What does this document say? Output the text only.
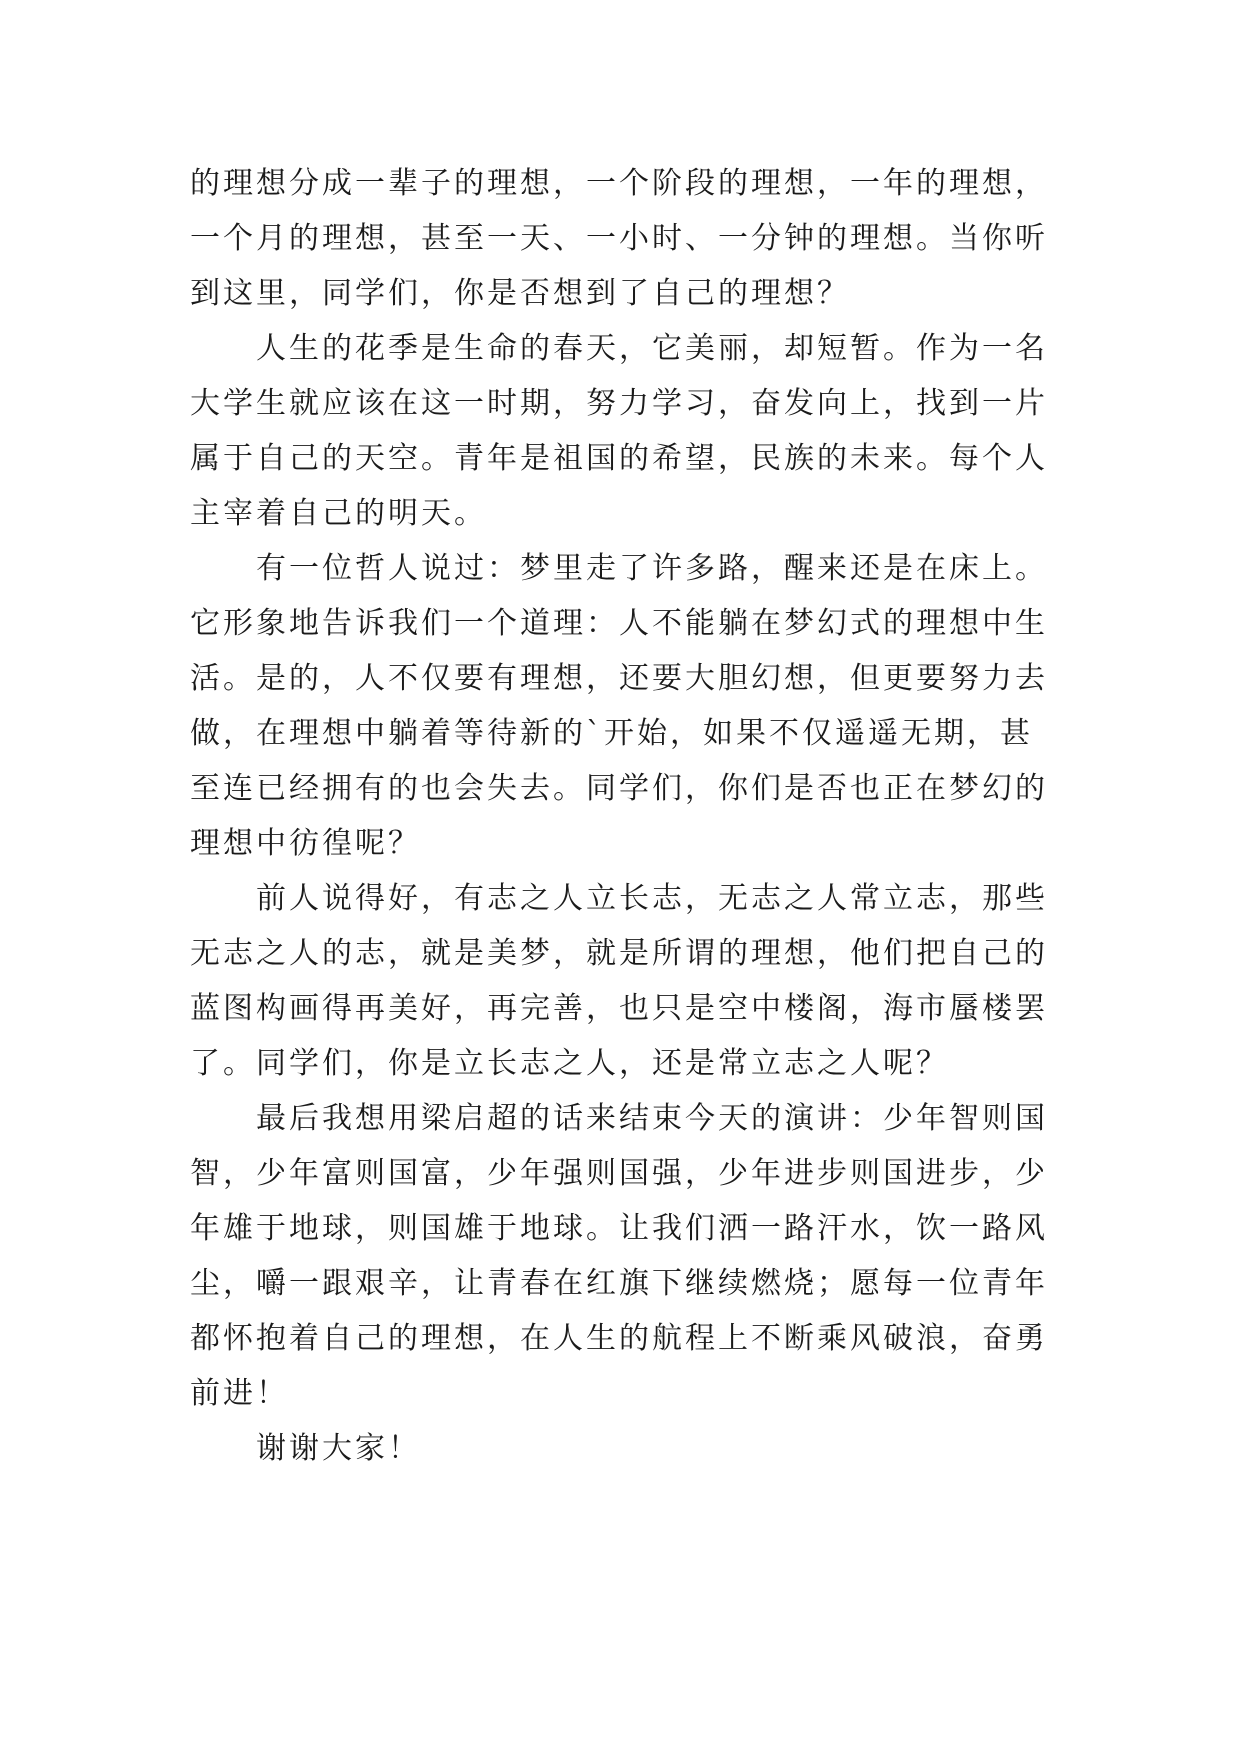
的理想分成一辈子的理想，一个阶段的理想，一年的理想，
一个月的理想，甚至一天、一小时、一分钟的理想。当你听
到这里，同学们，你是否想到了自己的理想？
人生的花季是生命的春天，它美丽，却短暂。作为一名
大学生就应该在这一时期，努力学习，奋发向上，找到一片
属于自己的天空。青年是祖国的希望，民族的未来。每个人
主宰着自己的明天。
有一位哲人说过：梦里走了许多路，醒来还是在床上。
它形象地告诉我们一个道理：人不能躺在梦幻式的理想中生
活。是的，人不仅要有理想，还要大胆幻想，但更要努力去
做，在理想中躺着等待新的`开始，如果不仅遥遥无期，甚
至连已经拥有的也会失去。同学们，你们是否也正在梦幻的
理想中彷徨呢？
前人说得好，有志之人立长志，无志之人常立志，那些
无志之人的志，就是美梦，就是所谓的理想，他们把自己的
蓝图构画得再美好，再完善，也只是空中楼阁，海市蜃楼罢
了。同学们，你是立长志之人，还是常立志之人呢？
最后我想用梁启超的话来结束今天的演讲：少年智则国
智，少年富则国富，少年强则国强，少年进步则国进步，少
年雄于地球，则国雄于地球。让我们洒一路汗水，饮一路风
尘，嚼一跟艰辛，让青春在红旗下继续燃烧；愿每一位青年
都怀抱着自己的理想，在人生的航程上不断乘风破浪，奋勇
前进！
谢谢大家！
